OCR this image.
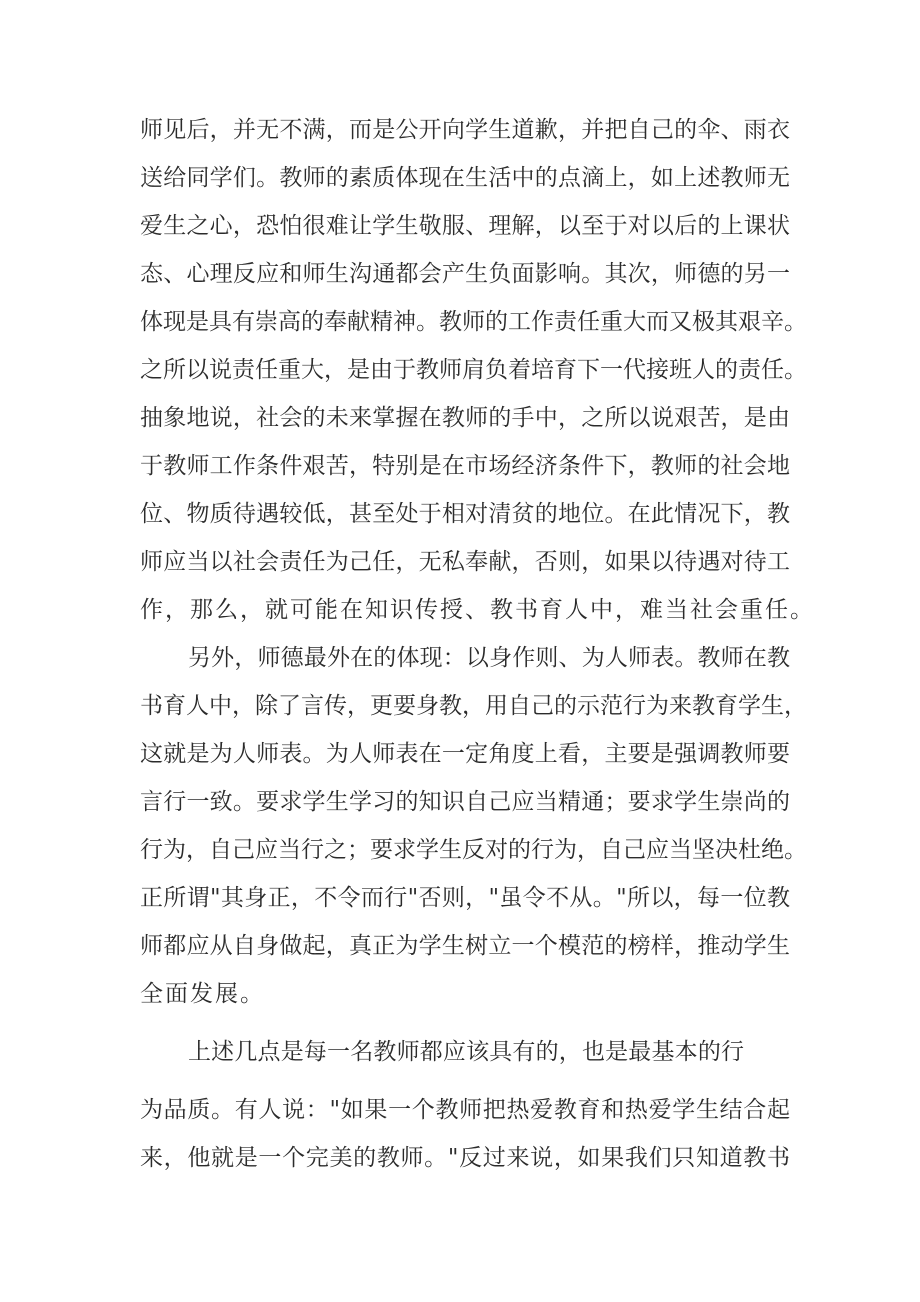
师见后，并无不满，而是公开向学生道歉，并把自己的伞、雨衣
送给同学们。教师的素质体现在生活中的点滴上，如上述教师无
爱生之心，恐怕很难让学生敬服、理解，以至于对以后的上课状
态、心理反应和师生沟通都会产生负面影响。其次，师德的另一
体现是具有崇高的奉献精神。教师的工作责任重大而又极其艰辛。
之所以说责任重大，是由于教师肩负着培育下一代接班人的责任。
抽象地说，社会的未来掌握在教师的手中，之所以说艰苦，是由
于教师工作条件艰苦，特别是在市场经济条件下，教师的社会地
位、物质待遇较低，甚至处于相对清贫的地位。在此情况下，教
师应当以社会责任为己任，无私奉献，否则，如果以待遇对待工
作，那么，就可能在知识传授、教书育人中，难当社会重任。
另外，师德最外在的体现：以身作则、为人师表。教师在教
书育人中，除了言传，更要身教，用自己的示范行为来教育学生，
这就是为人师表。为人师表在一定角度上看，主要是强调教师要
言行一致。要求学生学习的知识自己应当精通；要求学生崇尚的
行为，自己应当行之；要求学生反对的行为，自己应当坚决杜绝。
正所谓"其身正，不令而行"否则，"虽令不从。"所以，每一位教
师都应从自身做起，真正为学生树立一个模范的榜样，推动学生
全面发展。
上述几点是每一名教师都应该具有的，也是最基本的行
为品质。有人说："如果一个教师把热爱教育和热爱学生结合起
来，他就是一个完美的教师。"反过来说，如果我们只知道教书
